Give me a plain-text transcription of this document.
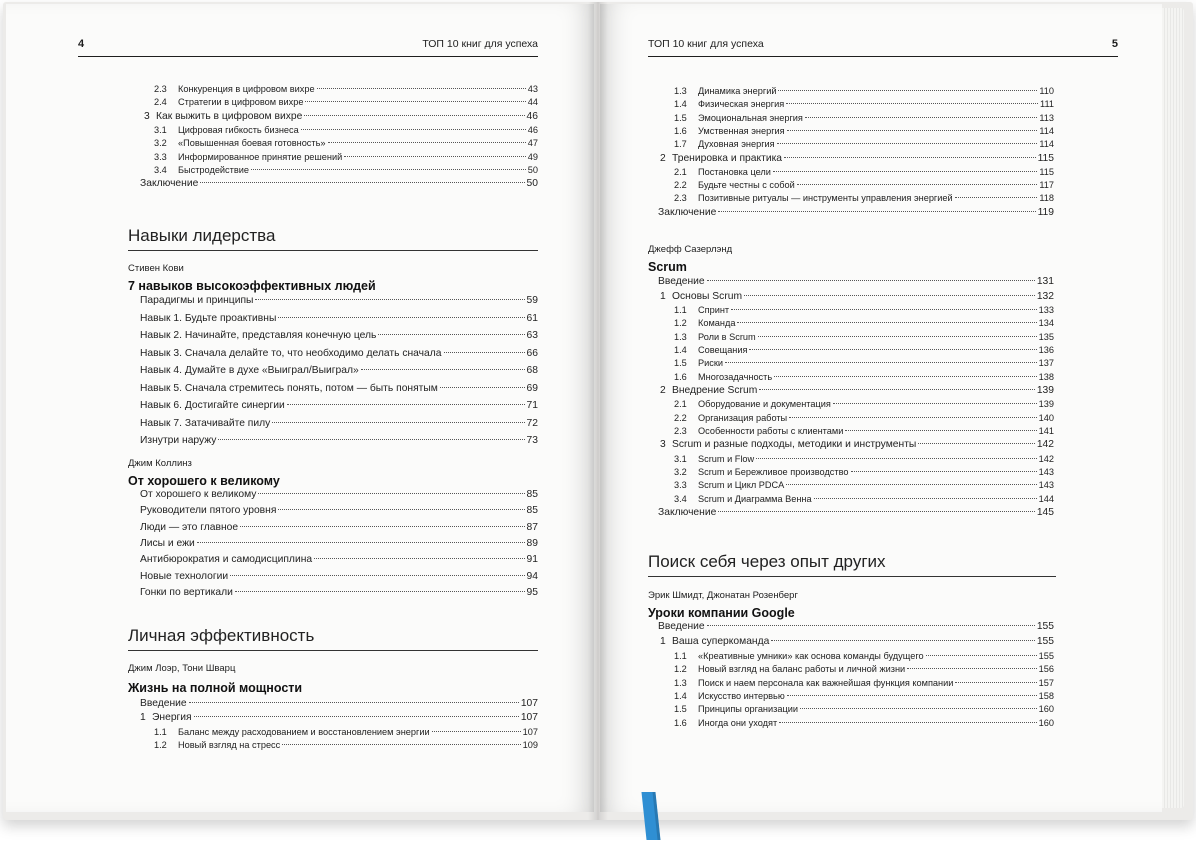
4	ТОП 10 книг для успеха
2.3	Конкуренция в цифровом вихре	43
2.4	Стратегии в цифровом вихре	44
3 Как выжить в цифровом вихре	46
3.1	Цифровая гибкость бизнеса	46
3.2	«Повышенная боевая готовность»	47
3.3	Информированное принятие решений	49
3.4	Быстродействие	50
Заключение	50
Навыки лидерства
Стивен Кови
7 навыков высокоэффективных людей
Парадигмы и принципы	59
Навык 1. Будьте проактивны	61
Навык 2. Начинайте, представляя конечную цель	63
Навык 3. Сначала делайте то, что необходимо делать сначала	66
Навык 4. Думайте в духе «Выиграл/Выиграл»	68
Навык 5. Сначала стремитесь понять, потом — быть понятым	69
Навык 6. Достигайте синергии	71
Навык 7. Затачивайте пилу	72
Изнутри наружу	73
Джим Коллинз
От хорошего к великому
От хорошего к великому	85
Руководители пятого уровня	85
Люди — это главное	87
Лисы и ежи	89
Антибюрократия и самодисциплина	91
Новые технологии	94
Гонки по вертикали	95
Личная эффективность
Джим Лоэр, Тони Шварц
Жизнь на полной мощности
Введение	107
1 Энергия	107
1.1	Баланс между расходованием и восстановлением энергии	107
1.2	Новый взгляд на стресс	109
ТОП 10 книг для успеха	5
1.3	Динамика энергий	110
1.4	Физическая энергия	111
1.5	Эмоциональная энергия	113
1.6	Умственная энергия	114
1.7	Духовная энергия	114
2 Тренировка и практика	115
2.1	Постановка цели	115
2.2	Будьте честны с собой	117
2.3	Позитивные ритуалы — инструменты управления энергией	118
Заключение	119
Джефф Сазерлэнд
Scrum
Введение	131
1 Основы Scrum	132
1.1	Спринт	133
1.2	Команда	134
1.3	Роли в Scrum	135
1.4	Совещания	136
1.5	Риски	137
1.6	Многозадачность	138
2 Внедрение Scrum	139
2.1	Оборудование и документация	139
2.2	Организация работы	140
2.3	Особенности работы с клиентами	141
3 Scrum и разные подходы, методики и инструменты	142
3.1	Scrum и Flow	142
3.2	Scrum и Бережливое производство	143
3.3	Scrum и Цикл PDCA	143
3.4	Scrum и Диаграмма Венна	144
Заключение	145
Поиск себя через опыт других
Эрик Шмидт, Джонатан Розенберг
Уроки компании Google
Введение	155
1 Ваша суперкоманда	155
1.1	«Креативные умники» как основа команды будущего	155
1.2	Новый взгляд на баланс работы и личной жизни	156
1.3	Поиск и наем персонала как важнейшая функция компании	157
1.4	Искусство интервью	158
1.5	Принципы организации	160
1.6	Иногда они уходят	160
